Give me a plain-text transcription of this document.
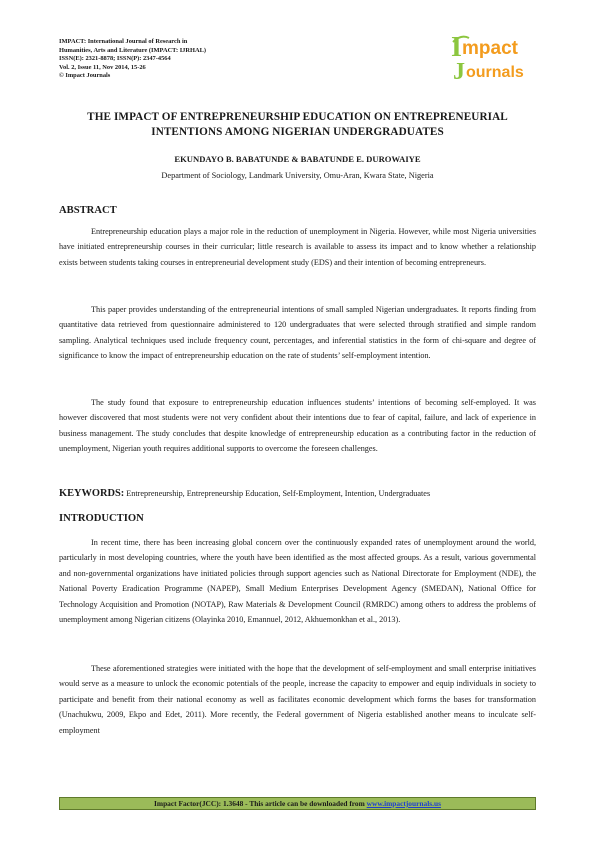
IMPACT: International Journal of Research in
Humanities, Arts and Literature (IMPACT: IJRHAL)
ISSN(E): 2321-8878; ISSN(P): 2347-4564
Vol. 2, Issue 11, Nov 2014, 15-26
© Impact Journals
I mpact
J ournals
THE IMPACT OF ENTREPRENEURSHIP EDUCATION ON ENTREPRENEURIAL INTENTIONS AMONG NIGERIAN UNDERGRADUATES
EKUNDAYO B. BABATUNDE & BABATUNDE E. DUROWAIYE
Department of Sociology, Landmark University, Omu-Aran, Kwara State, Nigeria
ABSTRACT

Entrepreneurship education plays a major role in the reduction of unemployment in Nigeria. However, while most Nigeria universities have initiated entrepreneurship courses in their curricular; little research is available to assess its impact and to know whether a relationship exists between students taking courses in entrepreneurial development study (EDS) and their intention of becoming entrepreneurs.

This paper provides understanding of the entrepreneurial intentions of small sampled Nigerian undergraduates. It reports finding from quantitative data retrieved from questionnaire administered to 120 undergraduates that were selected through stratified and simple random sampling. Analytical techniques used include frequency count, percentages, and inferential statistics in the form of chi-square and degree of significance to know the impact of entrepreneurship education on the rate of students’ self-employment intention.

The study found that exposure to entrepreneurship education influences students’ intentions of becoming self-employed. It was however discovered that most students were not very confident about their intentions due to fear of capital, failure, and lack of experience in business management. The study concludes that despite knowledge of entrepreneurship education as a contributing factor in the reduction of unemployment, Nigerian youth requires additional supports to overcome the foreseen challenges.

KEYWORDS: Entrepreneurship, Entrepreneurship Education, Self-Employment, Intention, Undergraduates
INTRODUCTION

In recent time, there has been increasing global concern over the continuously expanded rates of unemployment around the world, particularly in most developing countries, where the youth have been identified as the most affected groups. As a result, various governmental and non-governmental organizations have initiated policies through support agencies such as National Directorate for Employment (NDE), the National Poverty Eradication Programme (NAPEP), Small Medium Enterprises Development Agency (SMEDAN), National Office for Technology Acquisition and Promotion (NOTAP), Raw Materials & Development Council (RMRDC) among others to address the problems of unemployment among Nigerian citizens (Olayinka 2010, Emannuel, 2012, Akhuemonkhan et al., 2013).

These aforementioned strategies were initiated with the hope that the development of self-employment and small enterprise initiatives would serve as a measure to unlock the economic potentials of the people, increase the capacity to empower and equip individuals in society to participate and benefit from their national economy as well as facilitates economic development which forms the bases for transformation (Unachukwu, 2009, Ekpo and Edet, 2011). More recently, the Federal government of Nigeria established another means to inculcate self-employment

Impact Factor(JCC): 1.3648 - This article can be downloaded from www.impactjournals.us
